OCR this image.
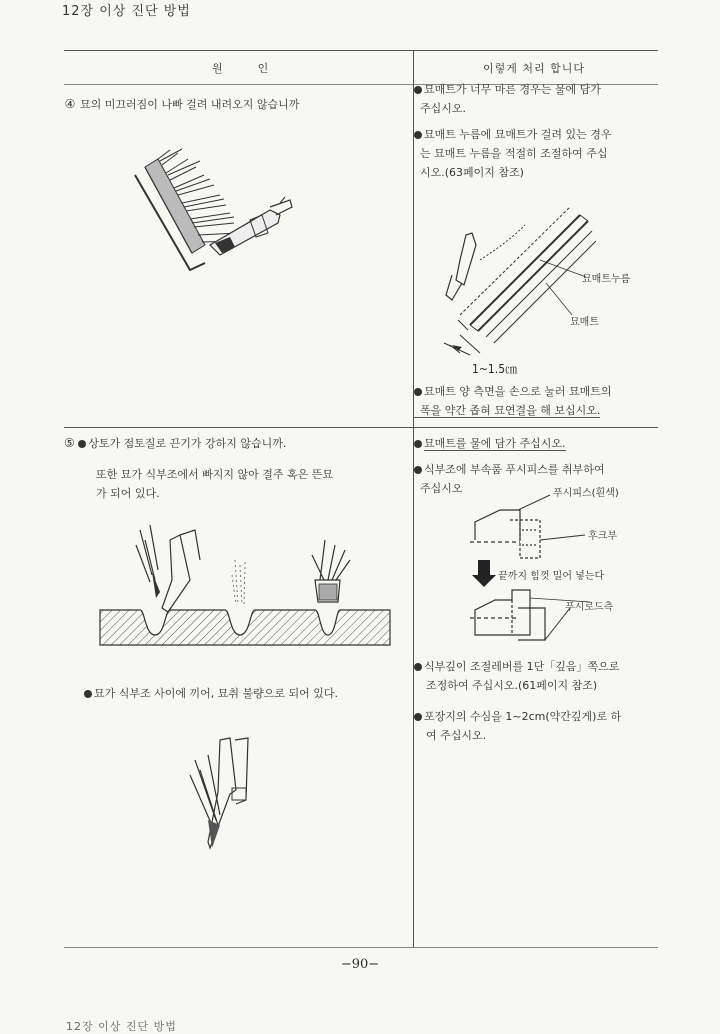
12장 이상 진단 방법
원      인	이렇게 처리 합니다
④ 묘의 미끄러짐이 나빠 걸려 내려오지 않습니까
묘매트가 너무 마른 경우는 물에 담가
주십시오.
묘매트 누름에 묘매트가 걸려 있는 경우
는 묘매트 누름을 적절히 조절하여 주십
시오.(63페이지 참조)
묘매트누름
묘매트
1~1.5㎝
묘매트 양 측면을 손으로 눌러 묘매트의
폭을 약간 좁혀 묘연결을 해 보십시오.
⑤ 상토가 점토질로 끈기가 강하지 않습니까.
또한 묘가 식부조에서 빠지지 않아 결주 혹은 뜬묘
가 되어 있다.
묘가 식부조 사이에 끼어, 묘취 불량으로 되어 있다.
묘매트를 물에 담가 주십시오.
식부조에 부속품 푸시피스를 취부하여
주십시오	푸시피스(흰색)
후크부
끝까지 힘껏 밀어 넣는다
푸시로드측
식부깊이 조절레버를 1단「깊음」쪽으로
조정하여 주십시오.(61페이지 참조)
포장지의 수심을 1~2cm(약간깊게)로 하
여 주십시오.
−90−
12장 이상 진단 방법
